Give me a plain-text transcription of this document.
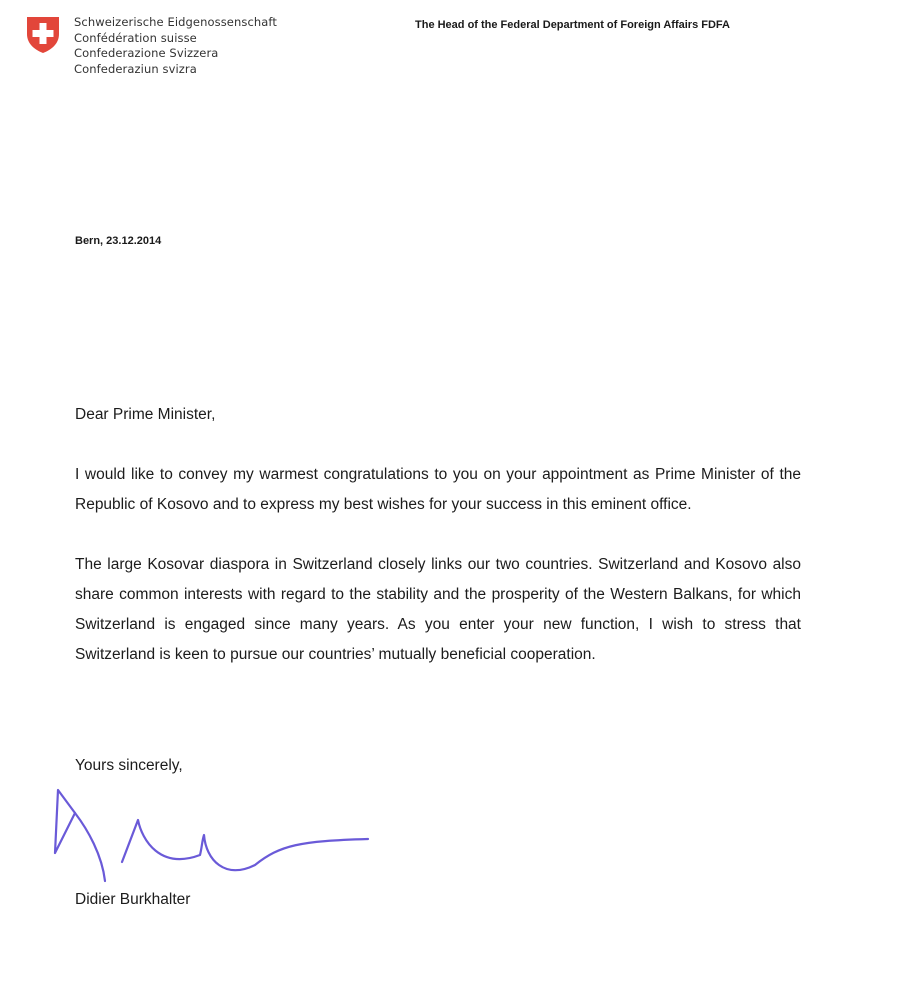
Schweizerische Eidgenossenschaft
Confédération suisse
Confederazione Svizzera
Confederaziun svizra
The Head of the Federal Department of Foreign Affairs FDFA
Bern, 23.12.2014

Dear Prime Minister,

I would like to convey my warmest congratulations to you on your appointment as Prime Minister of the Republic of Kosovo and to express my best wishes for your success in this eminent office.

The large Kosovar diaspora in Switzerland closely links our two countries. Switzerland and Kosovo also share common interests with regard to the stability and the prosperity of the Western Balkans, for which Switzerland is engaged since many years. As you enter your new function, I wish to stress that Switzerland is keen to pursue our countries’ mutually beneficial cooperation.

Yours sincerely,
Didier Burkhalter
